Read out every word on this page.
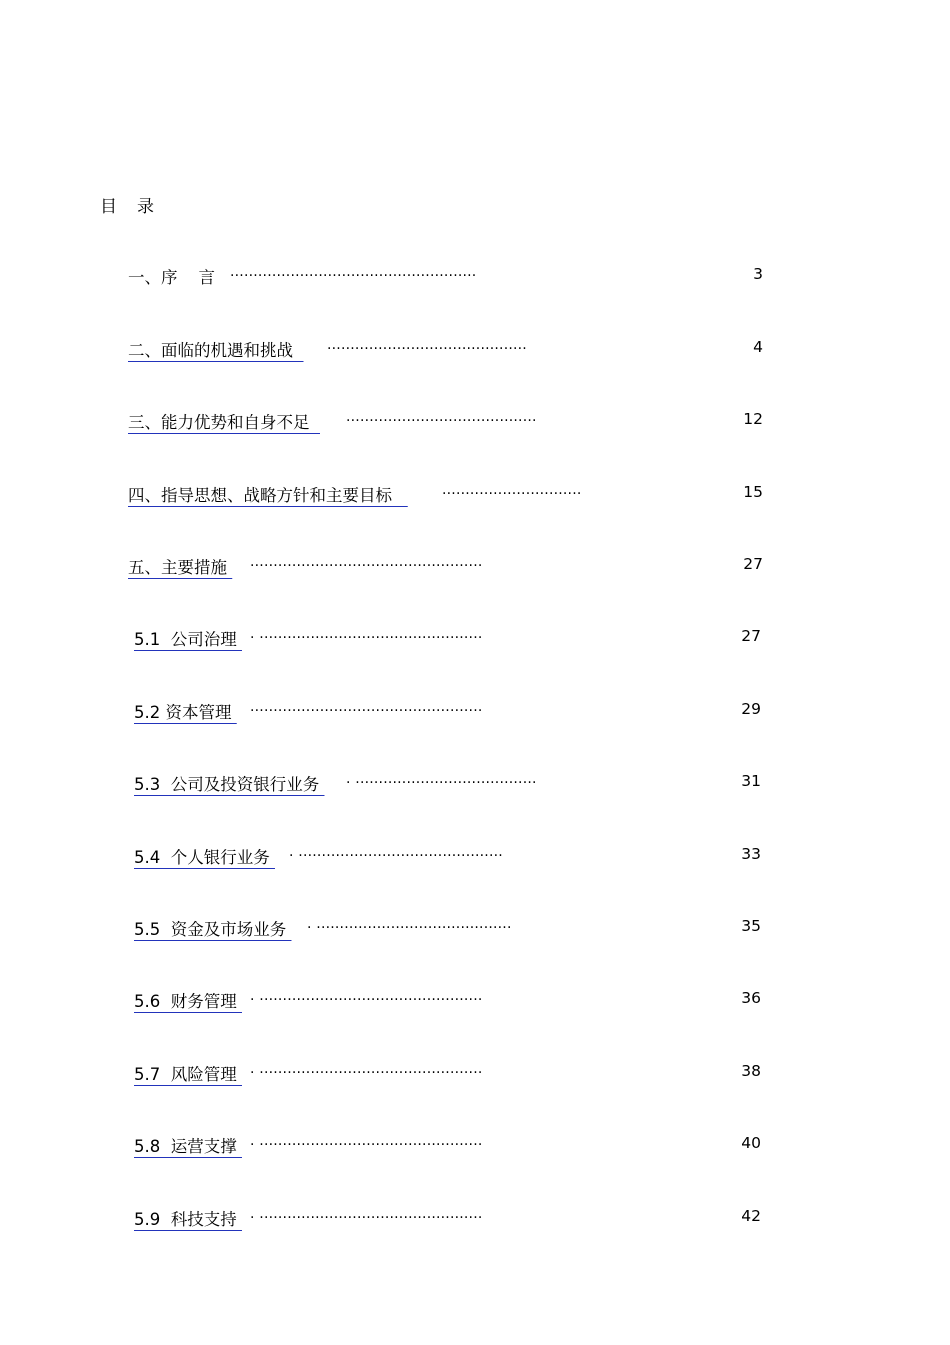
目录
一、序    言 .....................................................	3
二、面临的机遇和挑战 ...........................................	4
三、能力优势和自身不足 .........................................	12
四、指导思想、战略方针和主要目标 ..............................	15
五、主要措施 ..................................................	27
5.1  公司治理 . ................................................	27
5.2 资本管理 ..................................................	29
5.3  公司及投资银行业务 . .......................................	31
5.4  个人银行业务 . ............................................	33
5.5  资金及市场业务 . ..........................................	35
5.6  财务管理 . ................................................	36
5.7  风险管理 . ................................................	38
5.8  运营支撑 . ................................................	40
5.9  科技支持 . ................................................	42
